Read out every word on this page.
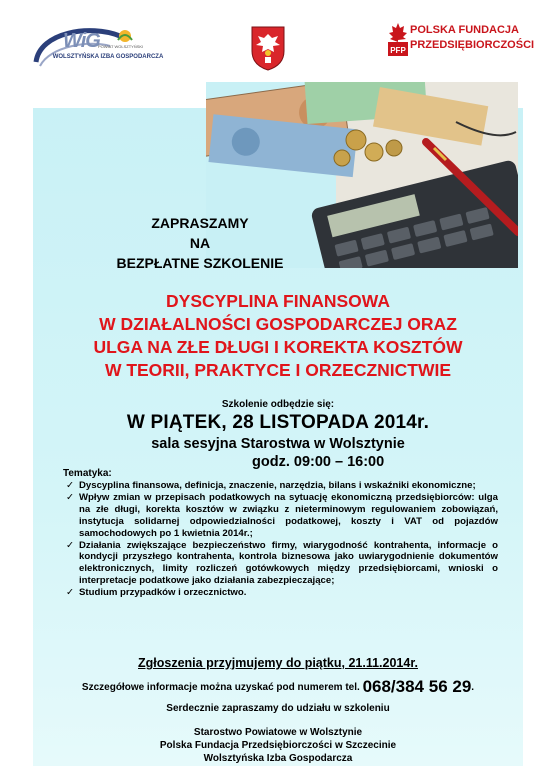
WiG
POWIAT WOLSZTYŃSKI
WOLSZTYŃSKA IZBA GOSPODARCZA
PFP
POLSKA FUNDACJA
PRZEDSIĘBIORCZOŚCI
ZAPRASZAMY
NA
BEZPŁATNE SZKOLENIE
DYSCYPLINA FINANSOWA
W DZIAŁALNOŚCI GOSPODARCZEJ ORAZ
ULGA NA ZŁE DŁUGI I KOREKTA KOSZTÓW
W TEORII, PRAKTYCE I ORZECZNICTWIE
Szkolenie odbędzie się:
W PIĄTEK, 28 LISTOPADA 2014r.
sala sesyjna Starostwa w Wolsztynie
godz. 09:00 – 16:00
Tematyka:
✓ Dyscyplina finansowa, definicja, znaczenie, narzędzia, bilans i wskaźniki ekonomiczne;
✓ Wpływ zmian w przepisach podatkowych na sytuację ekonomiczną przedsiębiorców: ulga na złe długi, korekta kosztów w związku z nieterminowym regulowaniem zobowiązań, instytucja solidarnej odpowiedzialności podatkowej, koszty i VAT od pojazdów samochodowych po 1 kwietnia 2014r.;
✓ Działania zwiększające bezpieczeństwo firmy, wiarygodność kontrahenta, informacje o kondycji przyszłego kontrahenta, kontrola biznesowa jako uwiarygodnienie dokumentów elektronicznych, limity rozliczeń gotówkowych między przedsiębiorcami, wnioski o interpretacje podatkowe jako działania zabezpieczające;
✓ Studium przypadków i orzecznictwo.
Zgłoszenia przyjmujemy do piątku, 21.11.2014r.
Szczegółowe informacje można uzyskać pod numerem tel. 068/384 56 29.
Serdecznie zapraszamy do udziału w szkoleniu
Starostwo Powiatowe w Wolsztynie
Polska Fundacja Przedsiębiorczości w Szczecinie
Wolsztyńska Izba Gospodarcza
